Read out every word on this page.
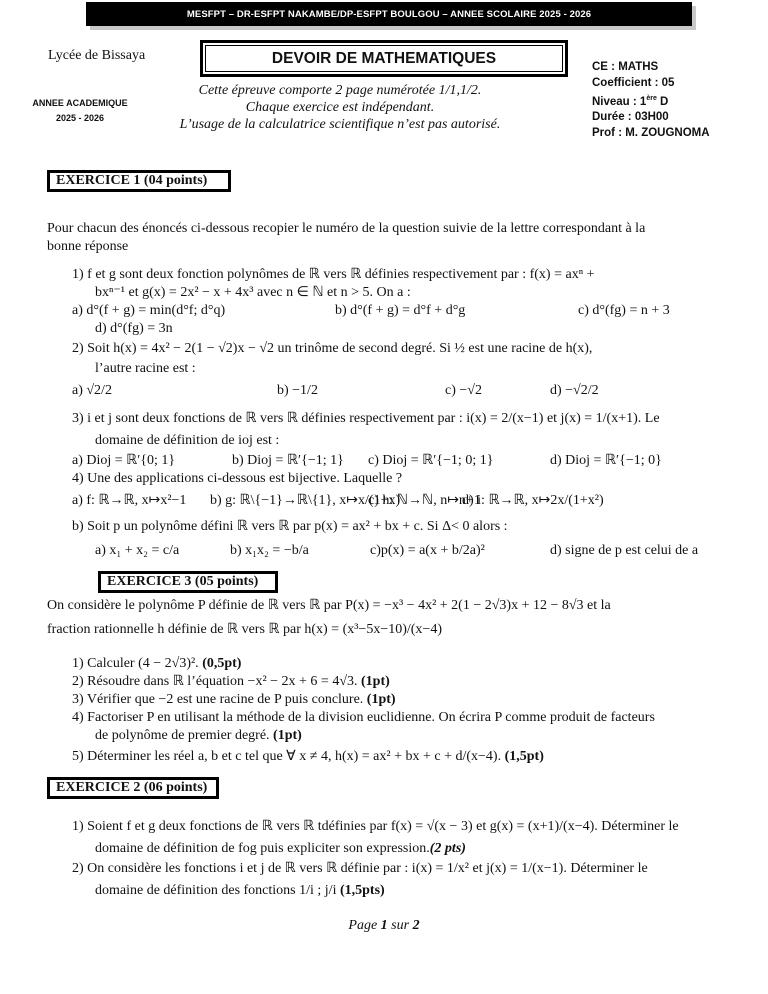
MESFPT – DR-ESFPT NAKAMBE/DP-ESFPT BOULGOU – ANNEE SCOLAIRE 2025 - 2026
Lycée de Bissaya
ANNEE ACADEMIQUE
2025 - 2026
DEVOIR DE MATHEMATIQUES
Cette épreuve comporte 2 page numérotée 1/1,1/2.
Chaque exercice est indépendant.
L’usage de la calculatrice scientifique n’est pas autorisé.
CE : MATHS
Coefficient : 05
Niveau : 1ère D
Durée : 03H00
Prof : M. ZOUGNOMA
EXERCICE 1 (04 points)
Pour chacun des énoncés ci-dessous recopier le numéro de la question suivie de la lettre correspondant à la
bonne réponse
1) f et g sont deux fonction polynômes de ℝ vers ℝ définies respectivement par : f(x) = axⁿ +
bxⁿ⁻¹ et g(x) = 2x² − x + 4x³ avec n ∈ ℕ et n > 5. On a :
a) d°(f + g) = min(d°f; d°q)	b) d°(f + g) = d°f + d°g	c) d°(fg) = n + 3
d) d°(fg) = 3n
2) Soit h(x) = 4x² − 2(1 − √2)x − √2 un trinôme de second degré. Si ½ est une racine de h(x),
l’autre racine est :
a) √2/2	b) −1/2	c) −√2	d) −√2/2
3) i et j sont deux fonctions de ℝ vers ℝ définies respectivement par : i(x) = 2/(x−1) et j(x) = 1/(x+1). Le
domaine de définition de ioj est :
a) Dioj = ℝ′{0; 1}	b) Dioj = ℝ′{−1; 1} c) Dioj = ℝ′{−1; 0; 1}	d) Dioj = ℝ′{−1; 0}
4) Une des applications ci-dessous est bijective. Laquelle ?
a) f: ℝ→ℝ, x↦x²−1 b) g: ℝ\{−1}→ℝ\{1}, x↦x/(1+x)
c) h: ℕ→ℕ, n↦n+1
d) i: ℝ→ℝ, x↦2x/(1+x²)
b) Soit p un polynôme défini ℝ vers ℝ par p(x) = ax² + bx + c. Si Δ< 0 alors :
a) x₁ + x₂ = c/a	b) x₁x₂ = −b/a	c)p(x) = a(x + b/2a)²	d) signe de p est celui de a
EXERCICE 3 (05 points)
On considère le polynôme P définie de ℝ vers ℝ par P(x) = −x³ − 4x² + 2(1 − 2√3)x + 12 − 8√3 et la
fraction rationnelle h définie de ℝ vers ℝ par h(x) = (x³−5x−10)/(x−4)
1) Calculer (4 − 2√3)². (0,5pt)
2) Résoudre dans ℝ l’équation −x² − 2x + 6 = 4√3. (1pt)
3) Vérifier que −2 est une racine de P puis conclure. (1pt)
4) Factoriser P en utilisant la méthode de la division euclidienne. On écrira P comme produit de facteurs
de polynôme de premier degré. (1pt)
5) Déterminer les réel a, b et c tel que ∀ x ≠ 4, h(x) = ax² + bx + c + d/(x−4). (1,5pt)
EXERCICE 2 (06 points)
1) Soient f et g deux fonctions de ℝ vers ℝ tdéfinies par f(x) = √(x − 3) et g(x) = (x+1)/(x−4). Déterminer le
domaine de définition de fog puis expliciter son expression.(2 pts)
2) On considère les fonctions i et j de ℝ vers ℝ définie par : i(x) = 1/x² et j(x) = 1/(x−1). Déterminer le
domaine de définition des fonctions 1/i ; j/i (1,5pts)
Page 1 sur 2
